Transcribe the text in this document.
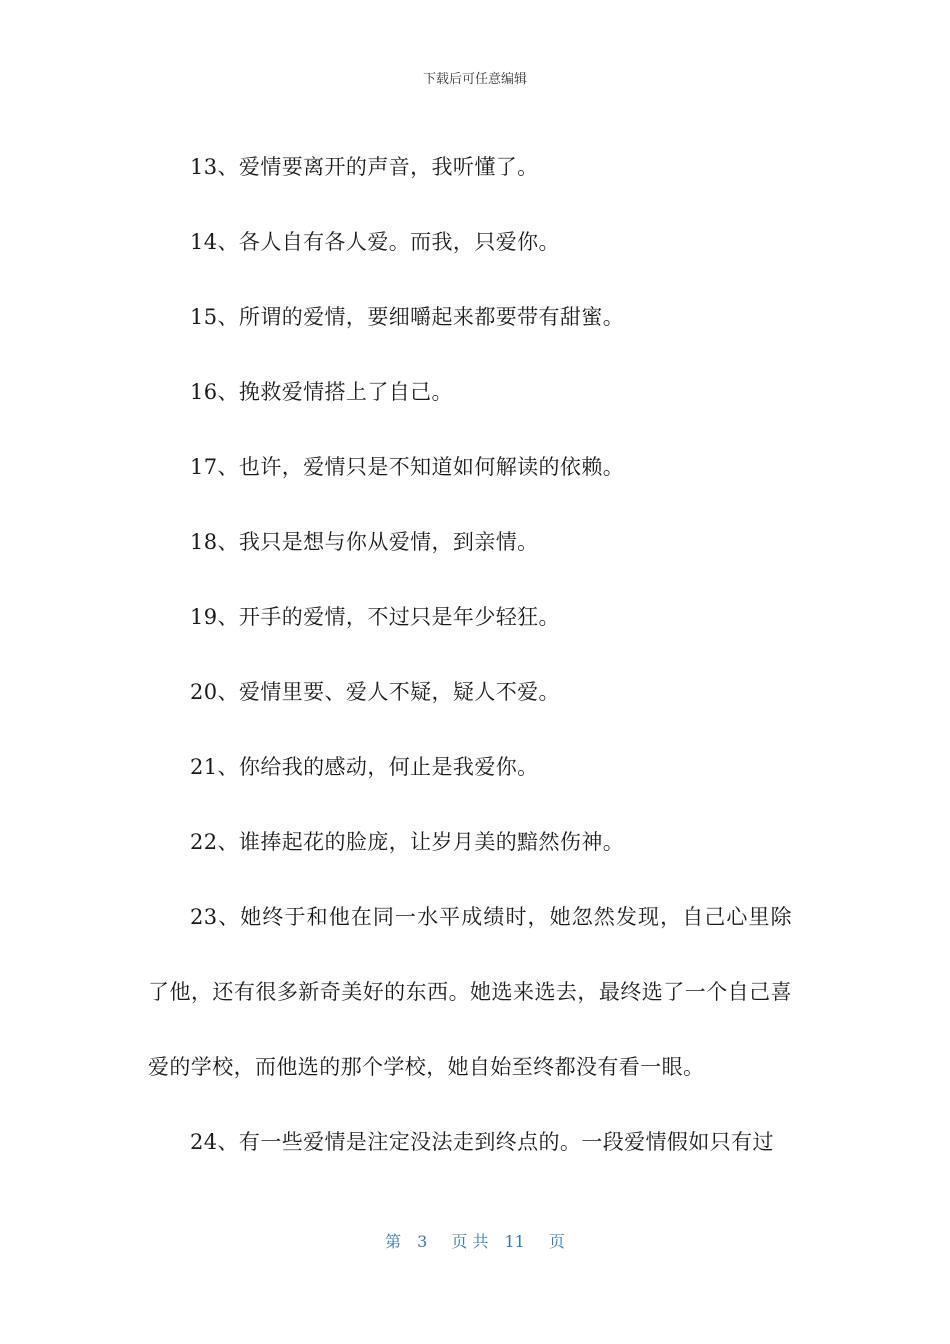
下载后可任意编辑

13、爱情要离开的声音，我听懂了。

14、各人自有各人爱。而我，只爱你。

15、所谓的爱情，要细嚼起来都要带有甜蜜。

16、挽救爱情搭上了自己。

17、也许，爱情只是不知道如何解读的依赖。

18、我只是想与你从爱情，到亲情。

19、开手的爱情，不过只是年少轻狂。

20、爱情里要、爱人不疑，疑人不爱。

21、你给我的感动，何止是我爱你。

22、谁捧起花的脸庞，让岁月美的黯然伤神。

23、她终于和他在同一水平成绩时，她忽然发现，自己心里除了他，还有很多新奇美好的东西。她选来选去，最终选了一个自己喜爱的学校，而他选的那个学校，她自始至终都没有看一眼。

24、有一些爱情是注定没法走到终点的。一段爱情假如只有过

第 3 页 共 11 页
